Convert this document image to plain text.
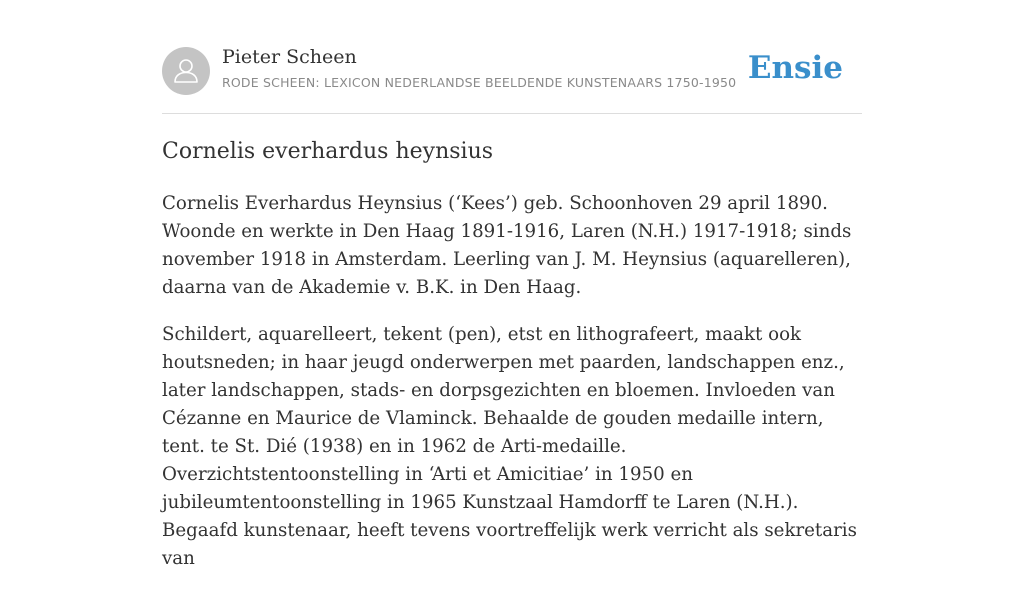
Pieter Scheen
RODE SCHEEN: LEXICON NEDERLANDSE BEELDENDE KUNSTENAARS 1750-1950 Ensie
Cornelis everhardus heynsius

Cornelis Everhardus Heynsius (‘Kees’) geb. Schoonhoven 29 april 1890. Woonde en werkte in Den Haag 1891-1916, Laren (N.H.) 1917-1918; sinds november 1918 in Amsterdam. Leerling van J. M. Heynsius (aquarelleren), daarna van de Akademie v. B.K. in Den Haag.

Schildert, aquarelleert, tekent (pen), etst en lithografeert, maakt ook houtsneden; in haar jeugd onderwerpen met paarden, landschappen enz., later landschappen, stads- en dorpsgezichten en bloemen. Invloeden van Cézanne en Maurice de Vlaminck. Behaalde de gouden medaille intern, tent. te St. Dié (1938) en in 1962 de Arti-medaille. Overzichtstentoonstelling in ‘Arti et Amicitiae’ in 1950 en jubileumtentoonstelling in 1965 Kunstzaal Hamdorff te Laren (N.H.). Begaafd kunstenaar, heeft tevens voortreffelijk werk verricht als sekretaris van
